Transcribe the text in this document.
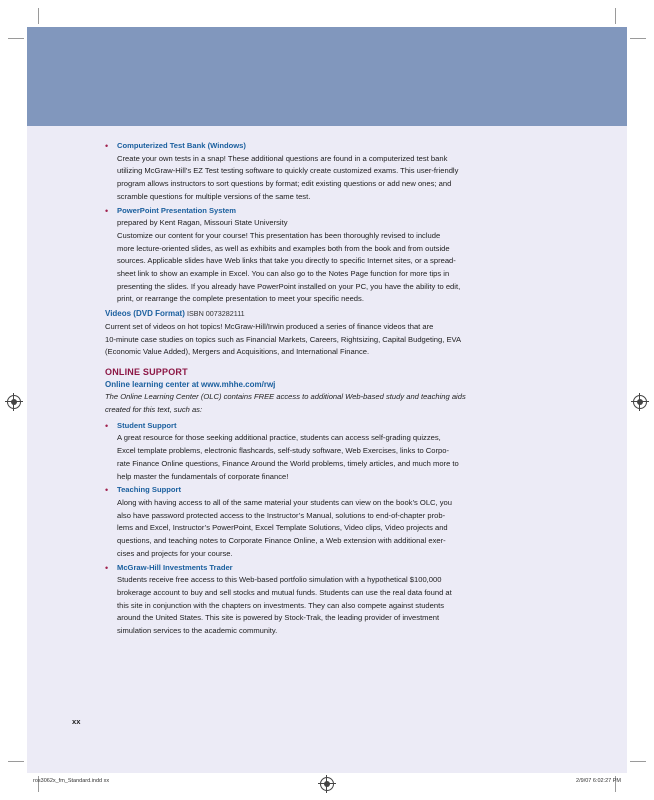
• Computerized Test Bank (Windows)

Create your own tests in a snap! These additional questions are found in a computerized test bank

utilizing McGraw-Hill’s EZ Test testing software to quickly create customized exams. This user-friendly

program allows instructors to sort questions by format; edit existing questions or add new ones; and

scramble questions for multiple versions of the same test.

• PowerPoint Presentation System

prepared by Kent Ragan, Missouri State University

Customize our content for your course! This presentation has been thoroughly revised to include

more lecture-oriented slides, as well as exhibits and examples both from the book and from outside

sources. Applicable slides have Web links that take you directly to specific Internet sites, or a spread-

sheet link to show an example in Excel. You can also go to the Notes Page function for more tips in

presenting the slides. If you already have PowerPoint installed on your PC, you have the ability to edit,

print, or rearrange the complete presentation to meet your specific needs.

Videos (DVD Format) ISBN 0073282111
Current set of videos on hot topics! McGraw-Hill/Irwin produced a series of finance videos that are
10-minute case studies on topics such as Financial Markets, Careers, Rightsizing, Capital Budgeting, EVA
(Economic Value Added), Mergers and Acquisitions, and International Finance.
ONLINE SUPPORT
Online learning center at www.mhhe.com/rwj
The Online Learning Center (OLC) contains FREE access to additional Web-based study and teaching aids
created for this text, such as:
• Student Support

A great resource for those seeking additional practice, students can access self-grading quizzes,

Excel template problems, electronic flashcards, self-study software, Web Exercises, links to Corpo-

rate Finance Online questions, Finance Around the World problems, timely articles, and much more to

help master the fundamentals of corporate finance!

• Teaching Support

Along with having access to all of the same material your students can view on the book’s OLC, you

also have password protected access to the Instructor’s Manual, solutions to end-of-chapter prob-

lems and Excel, Instructor’s PowerPoint, Excel Template Solutions, Video clips, Video projects and

questions, and teaching notes to Corporate Finance Online, a Web extension with additional exer-

cises and projects for your course.

• McGraw-Hill Investments Trader

Students receive free access to this Web-based portfolio simulation with a hypothetical $100,000

brokerage account to buy and sell stocks and mutual funds. Students can use the real data found at

this site in conjunction with the chapters on investments. They can also compete against students

around the United States. This site is powered by Stock-Trak, the leading provider of investment

simulation services to the academic community.

xx
ros3062x_fm_Standard.indd xx	2/9/07 6:02:27 PM
